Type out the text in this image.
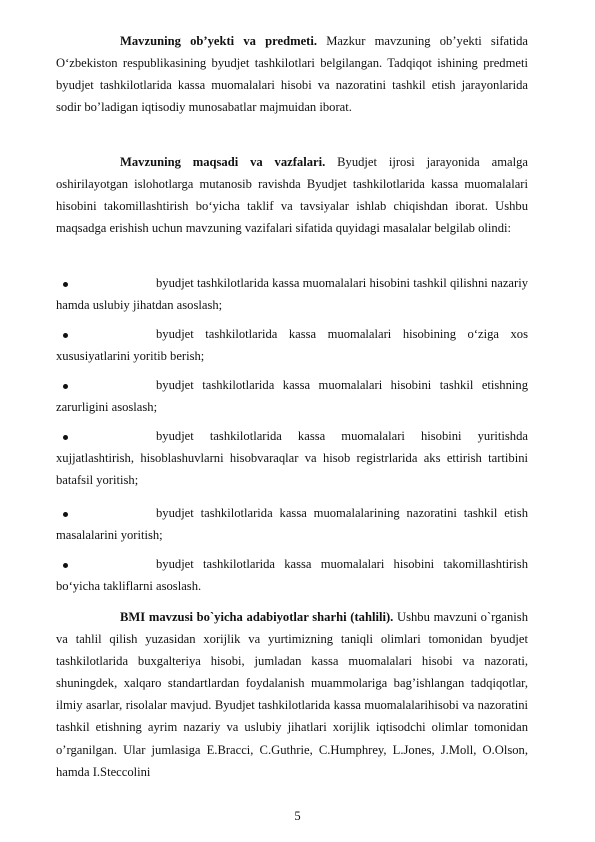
Mavzuning ob’yekti va predmeti. Mazkur mavzuning ob’yekti sifatida O‘zbekiston respublikasining byudjet tashkilotlari belgilangan. Tadqiqot ishining predmeti byudjet tashkilotlarida kassa muomalalari hisobi va nazoratini tashkil etish jarayonlarida sodir bo’ladigan iqtisodiy munosabatlar majmuidan iborat.

Mavzuning maqsadi va vazfalari. Byudjet ijrosi jarayonida amalga oshirilayotgan islohotlarga mutanosib ravishda Byudjet tashkilotlarida kassa muomalalari hisobini takomillashtirish bo‘yicha taklif va tavsiyalar ishlab chiqishdan iborat. Ushbu maqsadga erishish uchun mavzuning vazifalari sifatida quyidagi masalalar belgilab olindi:

byudjet tashkilotlarida kassa muomalalari hisobini tashkil qilishni nazariy hamda uslubiy jihatdan asoslash;

byudjet tashkilotlarida kassa muomalalari hisobining o‘ziga xos xususiyatlarini yoritib berish;

byudjet tashkilotlarida kassa muomalalari hisobini tashkil etishning zarurligini asoslash;

byudjet tashkilotlarida kassa muomalalari hisobini yuritishda xujjatlashtirish, hisoblashuvlarni hisobvaraqlar va hisob registrlarida aks ettirish tartibini batafsil yoritish;

byudjet tashkilotlarida kassa muomalalarining nazoratini tashkil etish masalalarini yoritish;

byudjet tashkilotlarida kassa muomalalari hisobini takomillashtirish bo‘yicha takliflarni asoslash.

BMI mavzusi bo`yicha adabiyotlar sharhi (tahlili). Ushbu mavzuni o`rganish va tahlil qilish yuzasidan xorijlik va yurtimizning taniqli olimlari tomonidan byudjet tashkilotlarida buxgalteriya hisobi, jumladan kassa muomalalari hisobi va nazorati, shuningdek, xalqaro standartlardan foydalanish muammolariga bag’ishlangan tadqiqotlar, ilmiy asarlar, risolalar mavjud. Byudjet tashkilotlarida kassa muomalalarihisobi va nazoratini tashkil etishning ayrim nazariy va uslubiy jihatlari xorijlik iqtisodchi olimlar tomonidan o’rganilgan. Ular jumlasiga E.Bracci, C.Guthrie, C.Humphrey, L.Jones, J.Moll, O.Olson, hamda I.Steccolini

5
